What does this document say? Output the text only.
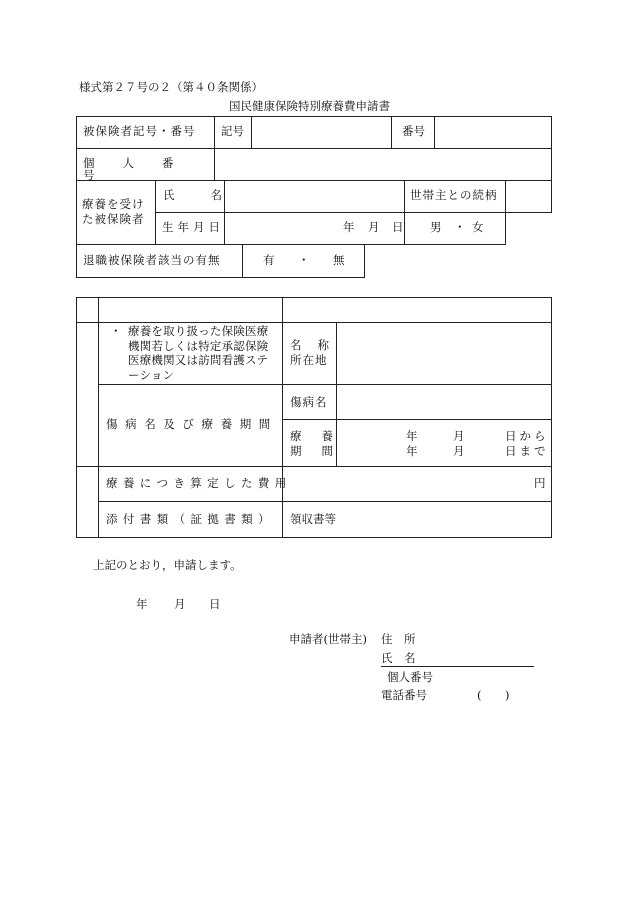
様式第２７号の２（第４０条関係）
国民健康保険特別療養費申請書
被保険者記号・番号 記号	番号
個人番号
療養を受け
た被保険者
氏名	世帯主との続柄
生年月日	年 月 日 男 ・ 女
退職被保険者該当の有無	有 ・ 無
・ 療養を取り扱った保険医療
機関若しくは特定承認保険
医療機関又は訪問看護ステ
ーション
名称
所在地
傷病名及び療養期間
傷病名
療養
期間
年	月	日から
年	月	日まで
療養につき算定した費用	円
添付書類（証拠書類） 領収書等
上記のとおり，申請します。
年 月 日
申請者(世帯主) 住　所
氏　名
個人番号
電話番号	( )
